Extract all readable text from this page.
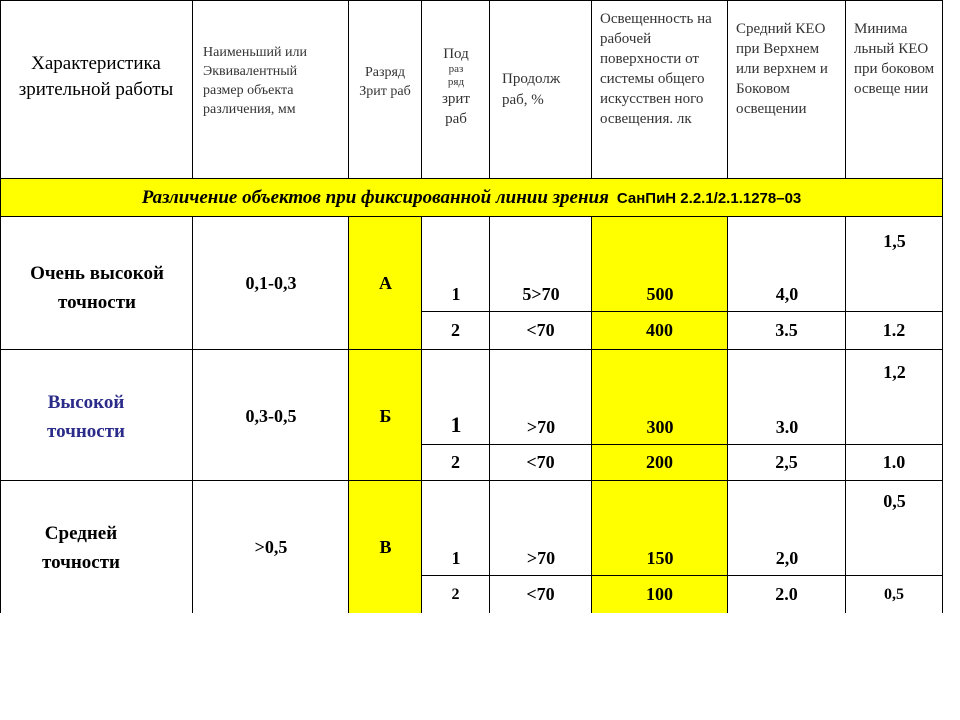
Характеристика зрительной работы	Наименьший или Эквивалентный размер объекта различения, мм	Разряд Зрит раб	Под
раз ряд
зрит раб	Продолж раб, %	Освещенность на рабочей поверхности от системы общего искусствен ного освещения. лк	Средний КЕО при Верхнем или верхнем и Боковом освещении	Минима льный КЕО при боковом освеще нии

Различение объектов при фиксированной линии зрения СанПиН 2.2.1/2.1.1278–03							

Очень высокой точности	0,1-0,3	А	1	5>70	500	4,0	1,5

			2	<70	400	3.5	1.2

Высокой точности	0,3-0,5	Б	1	>70	300	3.0	1,2

			2	<70	200	2,5	1.0

Средней точности	>0,5	В	1	>70	150	2,0	0,5

			2	<70	100	2.0	0,5
